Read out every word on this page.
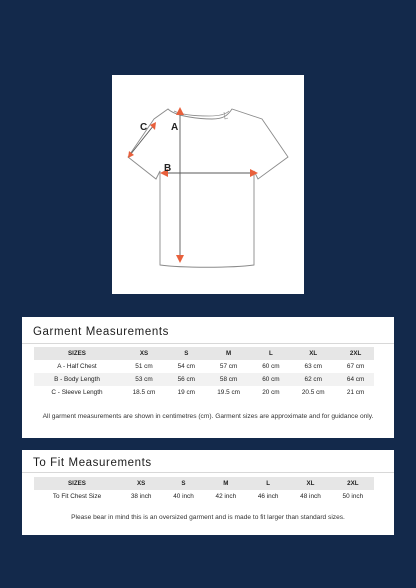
A
B
C
Garment Measurements
SIZES	XS	S	M	L	XL	2XL
A - Half Chest	51 cm	54 cm	57 cm	60 cm	63 cm	67 cm
B - Body Length	53 cm	56 cm	58 cm	60 cm	62 cm	64 cm
C - Sleeve Length	18.5 cm	19 cm	19.5 cm	20 cm	20.5 cm	21 cm
All garment measurements are shown in centimetres (cm). Garment sizes are approximate and for guidance only.
To Fit Measurements
SIZES	XS	S	M	L	XL	2XL
To Fit Chest Size	38 inch	40 inch	42 inch	46 inch	48 inch	50 inch
Please bear in mind this is an oversized garment and is made to fit larger than standard sizes.
